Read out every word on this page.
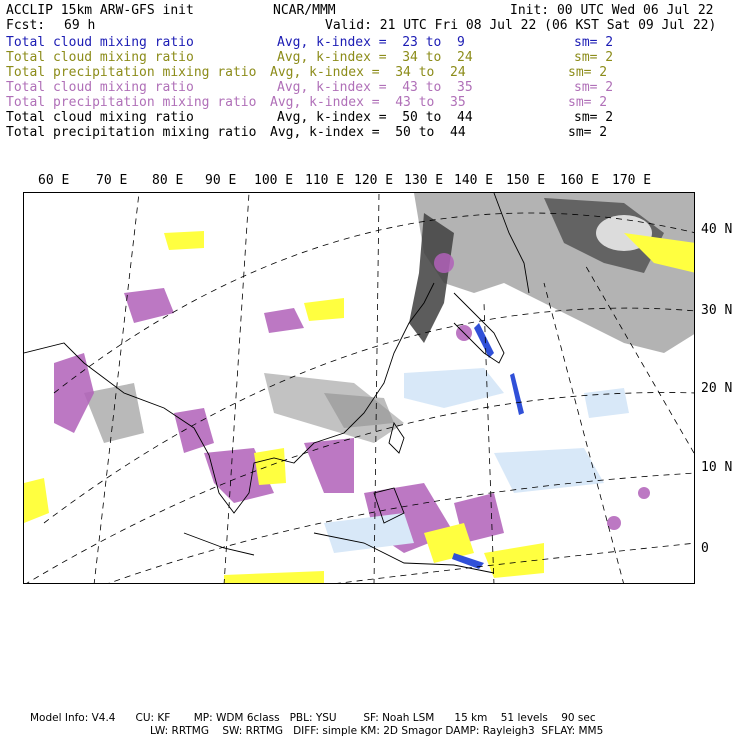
ACCLIP 15km ARW-GFS init	NCAR/MMM	Init: 00 UTC Wed 06 Jul 22
Fcst: 69 h	Valid: 21 UTC Fri 08 Jul 22 (06 KST Sat 09 Jul 22)
Total cloud mixing ratio	Avg, k-index =  23 to  9	sm= 2
Total cloud mixing ratio	Avg, k-index =  34 to  24	sm= 2
Total precipitation mixing ratio Avg, k-index =  34 to  24	sm= 2
Total cloud mixing ratio	Avg, k-index =  43 to  35	sm= 2
Total precipitation mixing ratio Avg, k-index =  43 to  35	sm= 2
Total cloud mixing ratio	Avg, k-index =  50 to  44	sm= 2
Total precipitation mixing ratio Avg, k-index =  50 to  44	sm= 2
60 E 70 E 80 E 90 E 100 E 110 E 120 E 130 E 140 E 150 E 160 E 170 E
40 N
30 N
20 N
10 N
0
Model Info: V4.4      CU: KF       MP: WDM 6class   PBL: YSU        SF: Noah LSM      15 km    51 levels    90 sec
LW: RRTMG    SW: RRTMG   DIFF: simple KM: 2D Smagor DAMP: Rayleigh3  SFLAY: MM5
